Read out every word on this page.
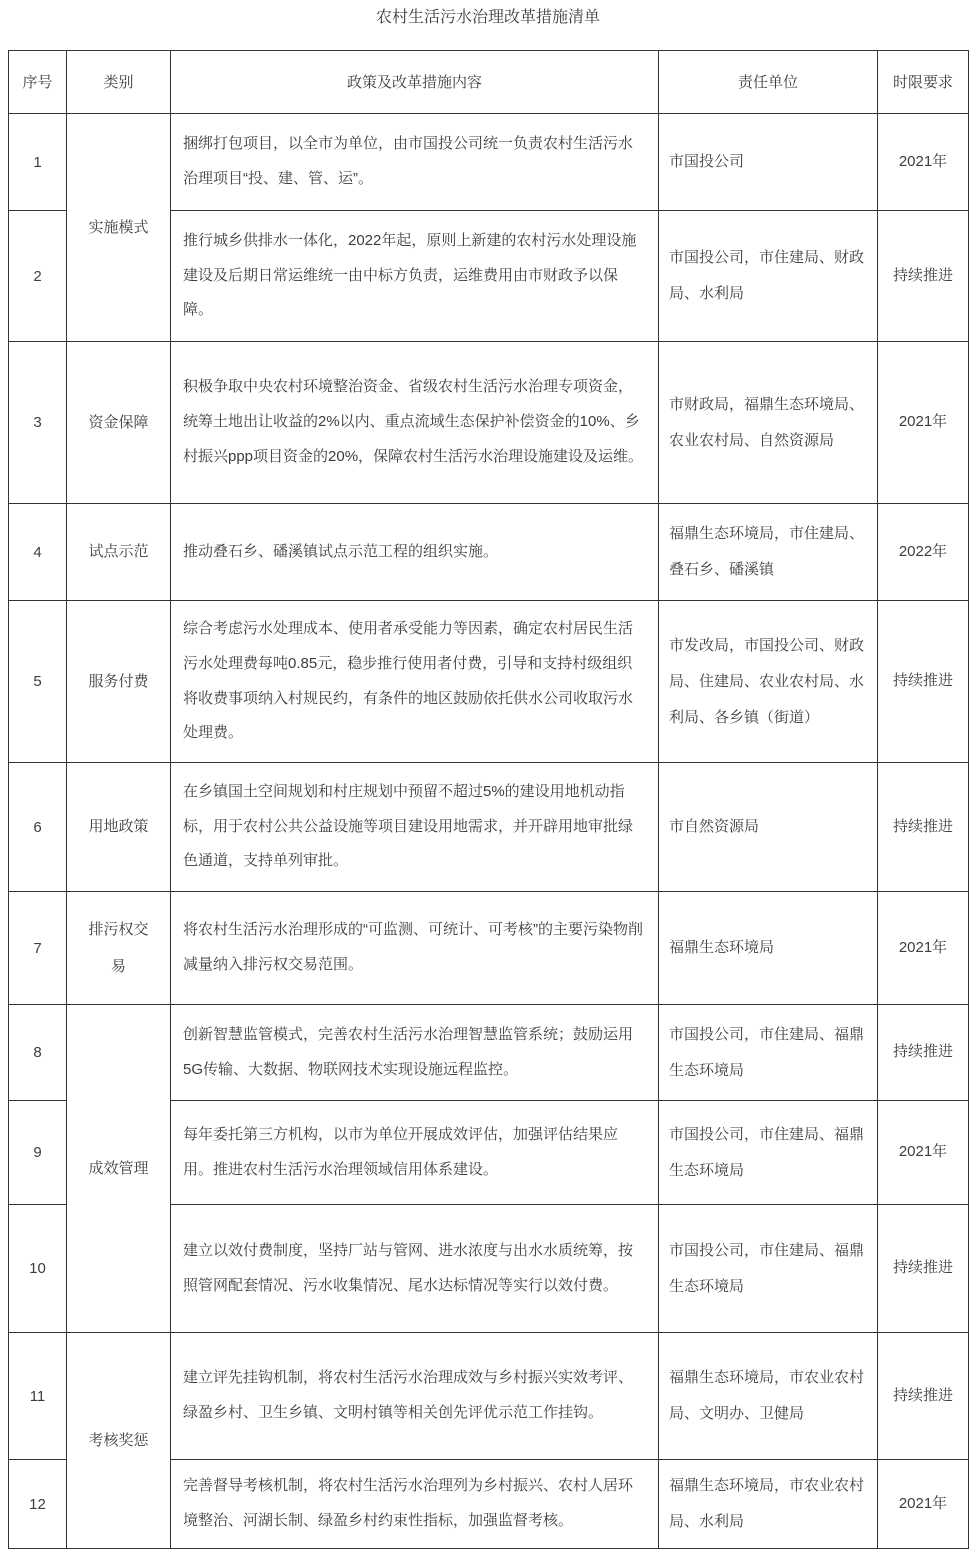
农村生活污水治理改革措施清单
序号	类别	政策及改革措施内容	责任单位	时限要求
1	实施模式	捆绑打包项目，以全市为单位，由市国投公司统一负责农村生活污水治理项目“投、建、管、运”。	市国投公司	2021年
2		推行城乡供排水一体化，2022年起，原则上新建的农村污水处理设施建设及后期日常运维统一由中标方负责，运维费用由市财政予以保障。	市国投公司，市住建局、财政局、水利局	持续推进
3	资金保障	积极争取中央农村环境整治资金、省级农村生活污水治理专项资金，统筹土地出让收益的2%以内、重点流域生态保护补偿资金的10%、乡村振兴ppp项目资金的20%，保障农村生活污水治理设施建设及运维。	市财政局，福鼎生态环境局、农业农村局、自然资源局	2021年
4	试点示范	推动叠石乡、磻溪镇试点示范工程的组织实施。	福鼎生态环境局，市住建局、叠石乡、磻溪镇	2022年
5	服务付费	综合考虑污水处理成本、使用者承受能力等因素，确定农村居民生活污水处理费每吨0.85元，稳步推行使用者付费，引导和支持村级组织将收费事项纳入村规民约，有条件的地区鼓励依托供水公司收取污水处理费。	市发改局，市国投公司、财政局、住建局、农业农村局、水利局、各乡镇（街道）	持续推进
6	用地政策	在乡镇国土空间规划和村庄规划中预留不超过5%的建设用地机动指标，用于农村公共公益设施等项目建设用地需求，并开辟用地审批绿色通道，支持单列审批。	市自然资源局	持续推进
7	排污权交易	将农村生活污水治理形成的“可监测、可统计、可考核”的主要污染物削减量纳入排污权交易范围。	福鼎生态环境局	2021年
8	成效管理	创新智慧监管模式，完善农村生活污水治理智慧监管系统；鼓励运用5G传输、大数据、物联网技术实现设施远程监控。	市国投公司，市住建局、福鼎生态环境局	持续推进
9		每年委托第三方机构，以市为单位开展成效评估，加强评估结果应用。推进农村生活污水治理领域信用体系建设。	市国投公司，市住建局、福鼎生态环境局	2021年
10		建立以效付费制度，坚持厂站与管网、进水浓度与出水水质统筹，按照管网配套情况、污水收集情况、尾水达标情况等实行以效付费。	市国投公司，市住建局、福鼎生态环境局	持续推进
11	考核奖惩	建立评先挂钩机制，将农村生活污水治理成效与乡村振兴实效考评、绿盈乡村、卫生乡镇、文明村镇等相关创先评优示范工作挂钩。	福鼎生态环境局，市农业农村局、文明办、卫健局	持续推进
12		完善督导考核机制，将农村生活污水治理列为乡村振兴、农村人居环境整治、河湖长制、绿盈乡村约束性指标，加强监督考核。	福鼎生态环境局，市农业农村局、水利局	2021年
